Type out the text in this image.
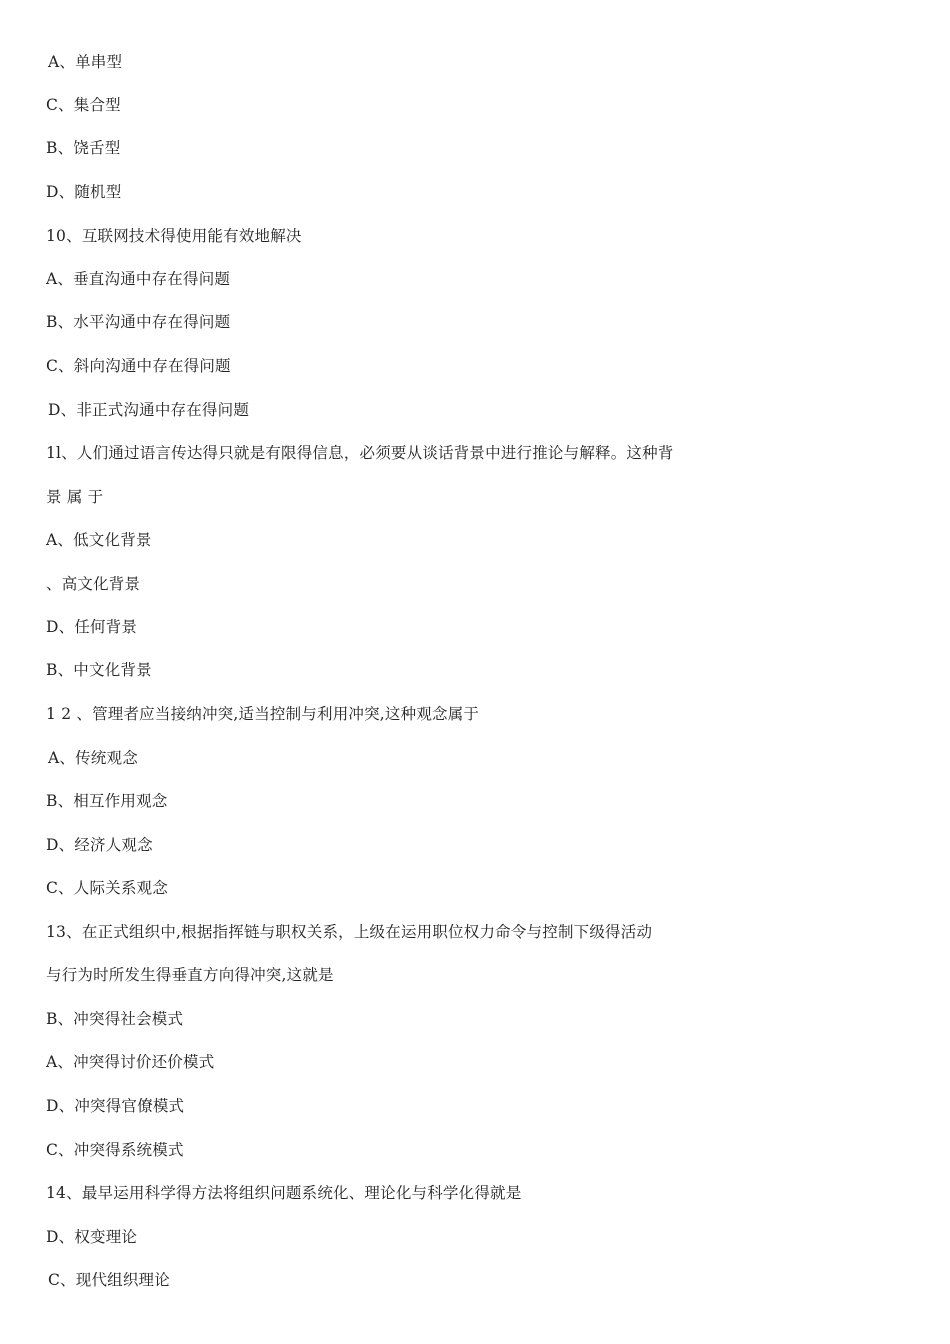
A、单串型
C、集合型
B、饶舌型
D、随机型
10、互联网技术得使用能有效地解决
A、垂直沟通中存在得问题
B、水平沟通中存在得问题
C、斜向沟通中存在得问题
D、非正式沟通中存在得问题
1l、人们通过语言传达得只就是有限得信息，必须要从谈话背景中进行推论与解释。这种背
景 属 于
A、低文化背景
、高文化背景
D、任何背景
B、中文化背景
1 2 、管理者应当接纳冲突,适当控制与利用冲突,这种观念属于
A、传统观念
B、相互作用观念
D、经济人观念
C、人际关系观念
13、在正式组织中,根据指挥链与职权关系，上级在运用职位权力命令与控制下级得活动
与行为时所发生得垂直方向得冲突,这就是
B、冲突得社会模式
A、冲突得讨价还价模式
D、冲突得官僚模式
C、冲突得系统模式
14、最早运用科学得方法将组织问题系统化、理论化与科学化得就是
D、权变理论
C、现代组织理论
